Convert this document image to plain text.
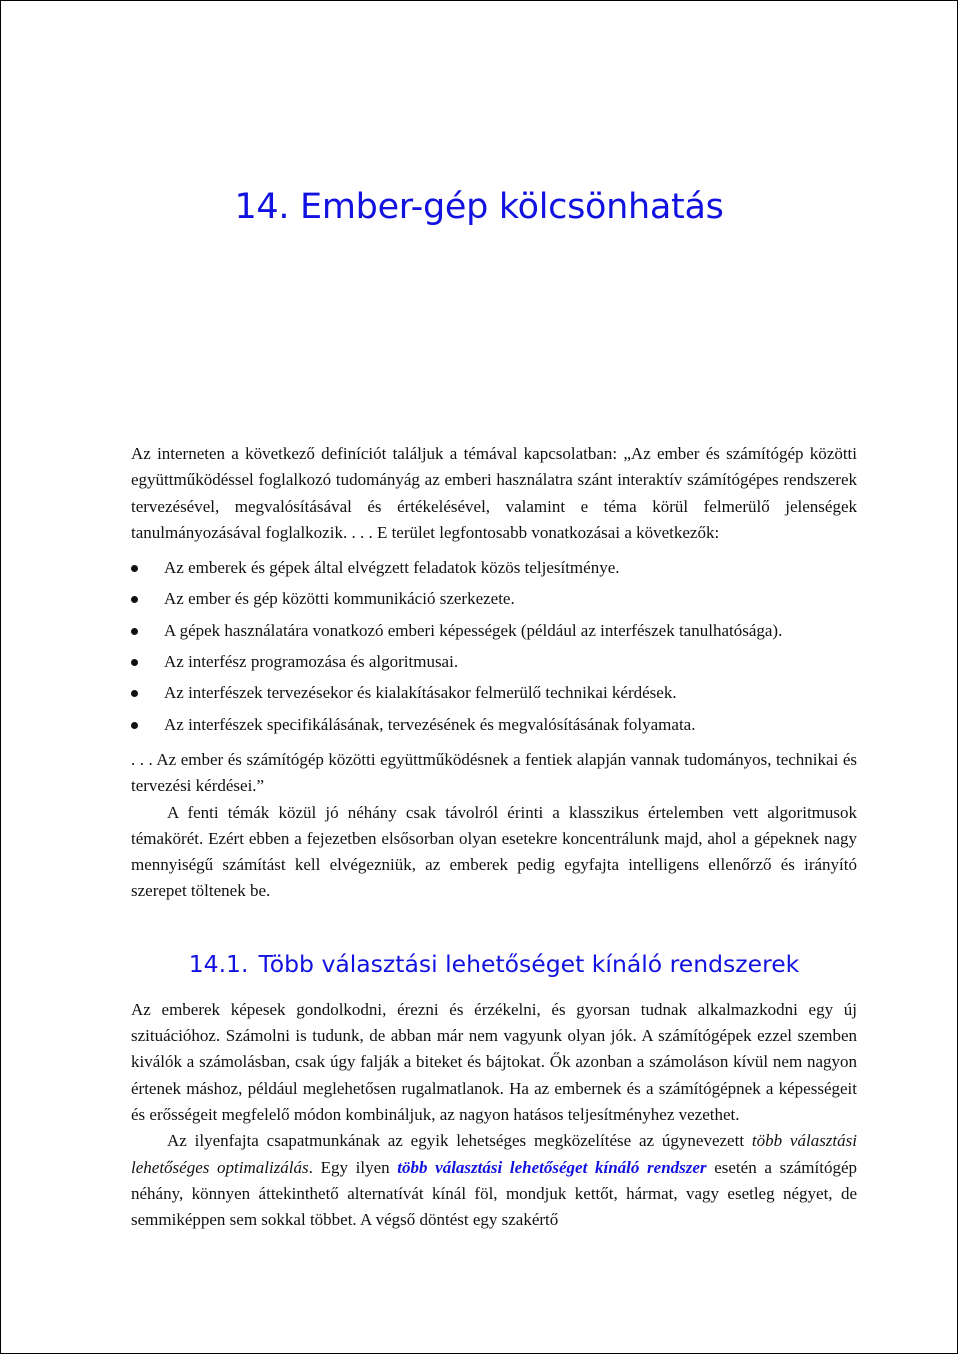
14. Ember-gép kölcsönhatás

Az interneten a következő definíciót találjuk a témával kapcsolatban: „Az ember és számítógép közötti együttműködéssel foglalkozó tudományág az emberi használatra szánt interaktív számítógépes rendszerek tervezésével, megvalósításával és értékelésével, valamint e téma körül felmerülő jelenségek tanulmányozásával foglalkozik. . . . E terület legfontosabb vonatkozásai a következők:

Az emberek és gépek által elvégzett feladatok közös teljesítménye.
Az ember és gép közötti kommunikáció szerkezete.
A gépek használatára vonatkozó emberi képességek (például az interfészek tanulhatósága).
Az interfész programozása és algoritmusai.
Az interfészek tervezésekor és kialakításakor felmerülő technikai kérdések.
Az interfészek specifikálásának, tervezésének és megvalósításának folyamata.

. . . Az ember és számítógép közötti együttműködésnek a fentiek alapján vannak tudományos, technikai és tervezési kérdései.”

A fenti témák közül jó néhány csak távolról érinti a klasszikus értelemben vett algoritmusok témakörét. Ezért ebben a fejezetben elsősorban olyan esetekre koncentrálunk majd, ahol a gépeknek nagy mennyiségű számítást kell elvégezniük, az emberek pedig egyfajta intelligens ellenőrző és irányító szerepet töltenek be.

14.1. Több választási lehetőséget kínáló rendszerek

Az emberek képesek gondolkodni, érezni és érzékelni, és gyorsan tudnak alkalmazkodni egy új szituációhoz. Számolni is tudunk, de abban már nem vagyunk olyan jók. A számítógépek ezzel szemben kiválók a számolásban, csak úgy falják a biteket és bájtokat. Ők azonban a számoláson kívül nem nagyon értenek máshoz, például meglehetősen rugalmatlanok. Ha az embernek és a számítógépnek a képességeit és erősségeit megfelelő módon kombináljuk, az nagyon hatásos teljesítményhez vezethet.

Az ilyenfajta csapatmunkának az egyik lehetséges megközelítése az úgynevezett több választási lehetőséges optimalizálás. Egy ilyen több választási lehetőséget kínáló rendszer esetén a számítógép néhány, könnyen áttekinthető alternatívát kínál föl, mondjuk kettőt, hármat, vagy esetleg négyet, de semmiképpen sem sokkal többet. A végső döntést egy szakértő
